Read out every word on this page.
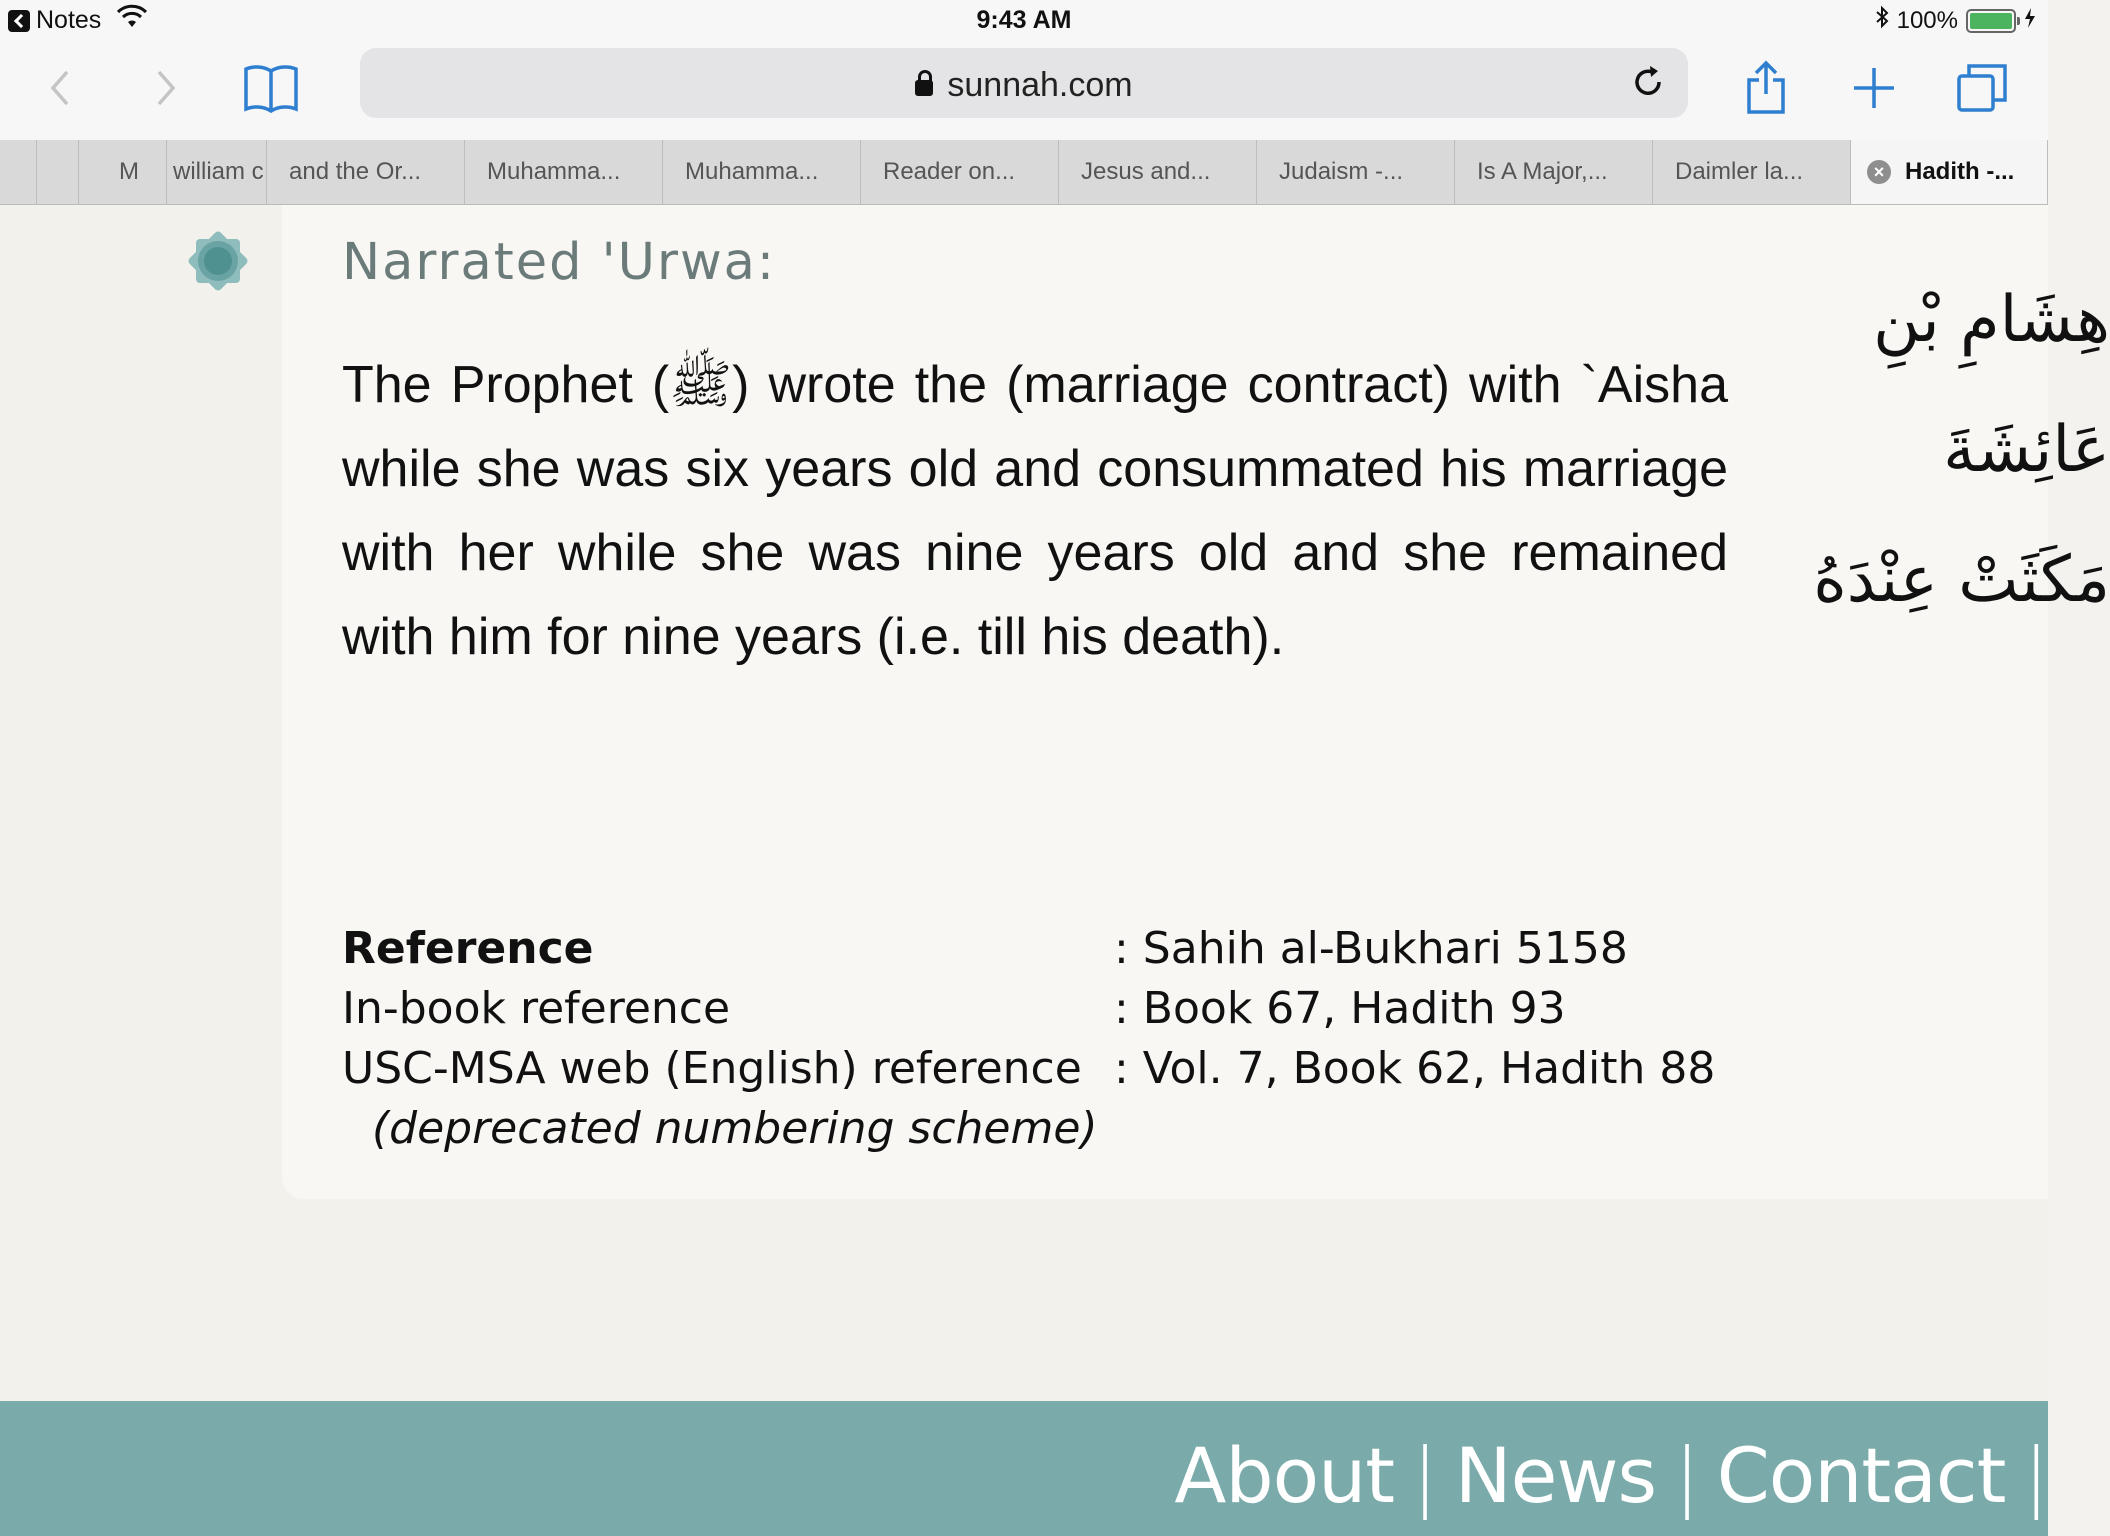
Notes	9:43 AM	100%
sunnah.com
M william c and the Or...	Muhamma...	Muhamma...	Reader on...	Jesus and...	Judaism -...	Is A Major,...	Daimler la...	× Hadith -...
Narrated 'Urwa:
The Prophet (ﷺ) wrote the (marriage contract) with `Aisha while she was six years old and consummated his marriage with her while she was nine years old and she remained with him for nine years (i.e. till his death).
هِشَامِ بْنِ
عَائِشَةَ
مَكَثَتْ عِنْدَهُ
Reference	: Sahih al-Bukhari 5158
In-book reference	: Book 67, Hadith 93
USC-MSA web (English) reference : Vol. 7, Book 62, Hadith 88
(deprecated numbering scheme)
About | News | Contact |
